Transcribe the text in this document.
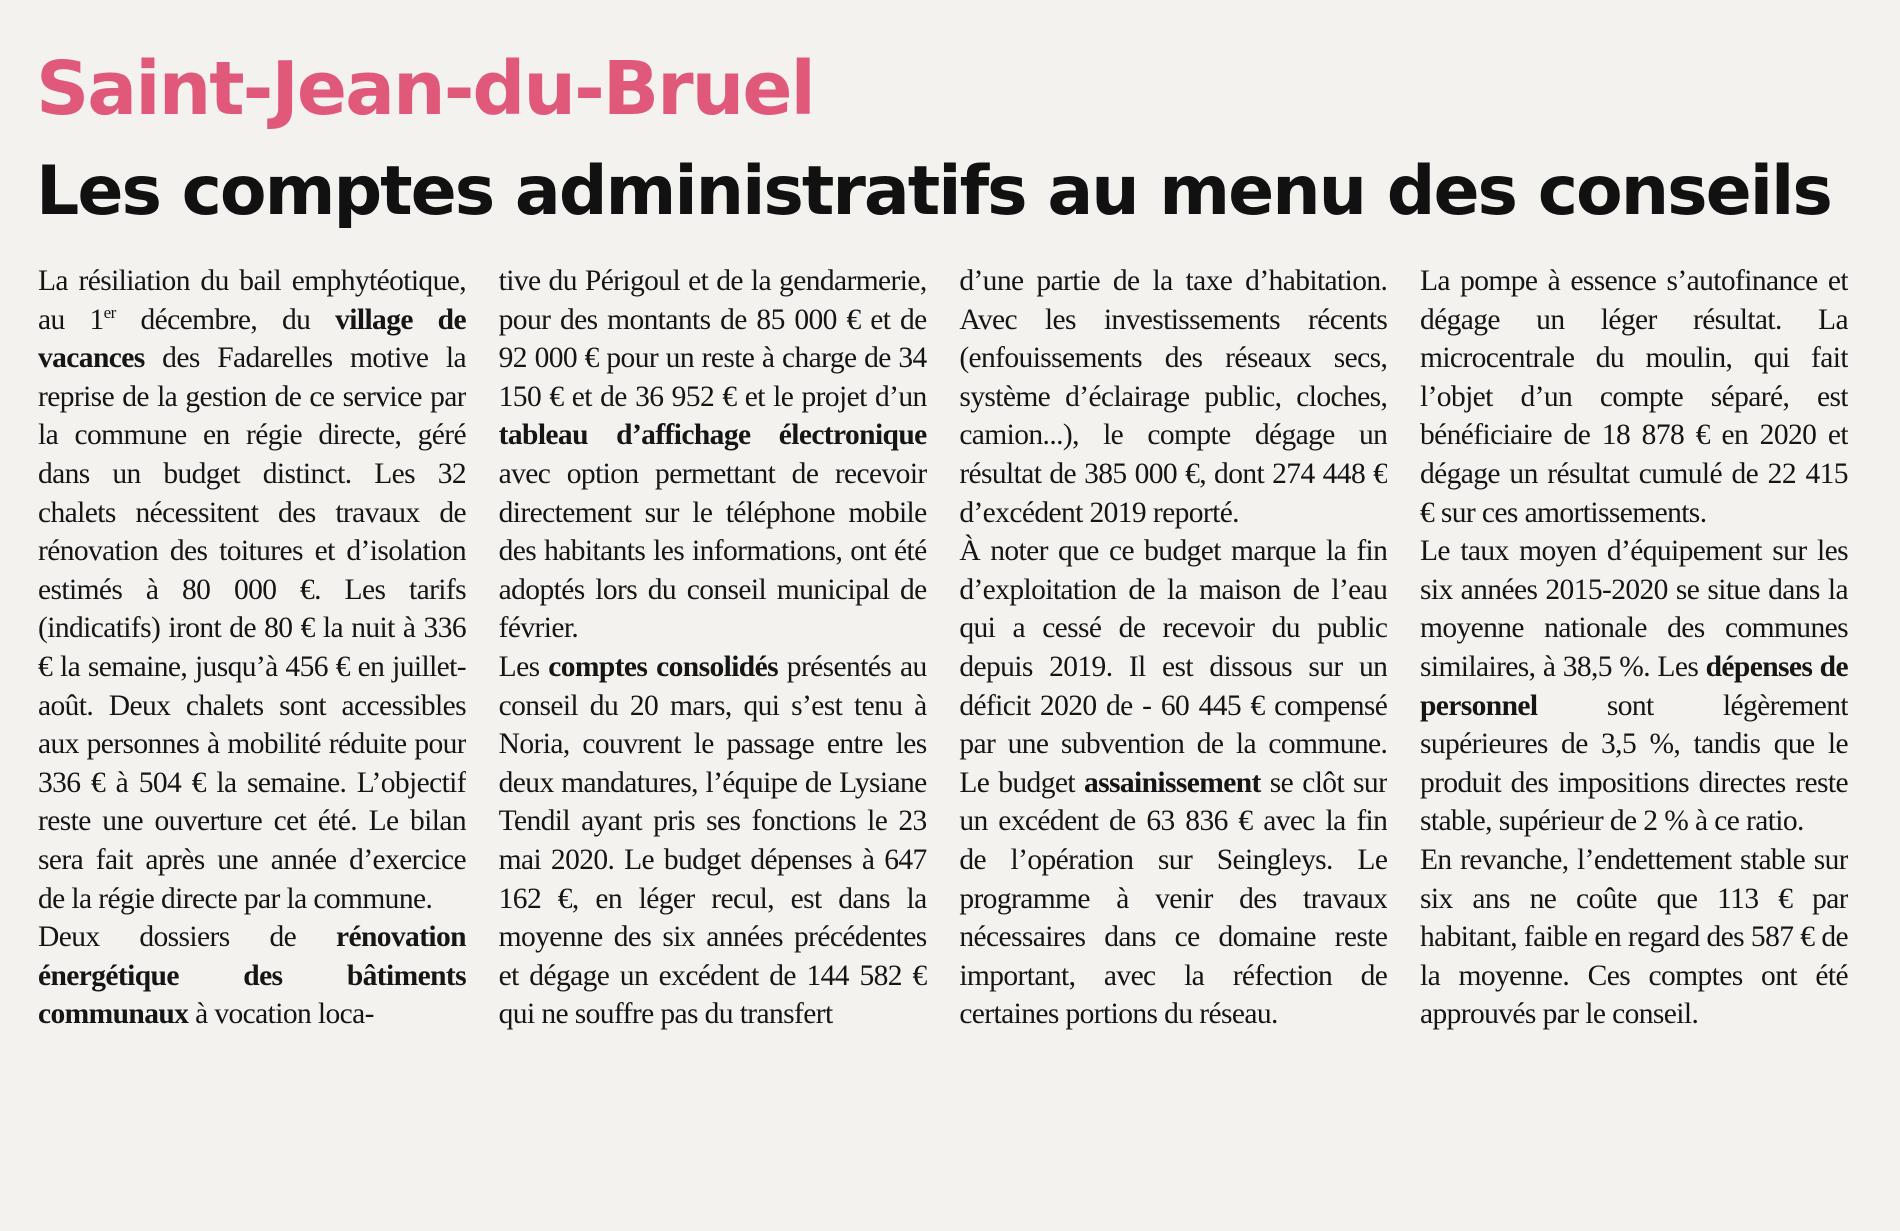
Saint-Jean-du-Bruel
Les comptes administratifs au menu des conseils

La résiliation du bail emphytéotique, au 1er décembre, du village de vacances des Fadarelles motive la reprise de la gestion de ce service par la commune en régie directe, géré dans un budget distinct. Les 32 chalets nécessitent des travaux de rénovation des toitures et d’isolation estimés à 80 000 €. Les tarifs (indicatifs) iront de 80 € la nuit à 336 € la semaine, jusqu’à 456 € en juillet-août. Deux chalets sont accessibles aux personnes à mobilité réduite pour 336 € à 504 € la semaine. L’objectif reste une ouverture cet été. Le bilan sera fait après une année d’exercice de la régie directe par la commune.

Deux dossiers de rénovation énergétique des bâtiments communaux à vocation loca-

tive du Périgoul et de la gendarmerie, pour des montants de 85 000 € et de 92 000 € pour un reste à charge de 34 150 € et de 36 952 € et le projet d’un tableau d’affichage électronique avec option permettant de recevoir directement sur le téléphone mobile des habitants les informations, ont été adoptés lors du conseil municipal de février.

Les comptes consolidés présentés au conseil du 20 mars, qui s’est tenu à Noria, couvrent le passage entre les deux mandatures, l’équipe de Lysiane Tendil ayant pris ses fonctions le 23 mai 2020. Le budget dépenses à 647 162 €, en léger recul, est dans la moyenne des six années précédentes et dégage un excédent de 144 582 € qui ne souffre pas du transfert

d’une partie de la taxe d’habitation. Avec les investissements récents (enfouissements des réseaux secs, système d’éclairage public, cloches, camion...), le compte dégage un résultat de 385 000 €, dont 274 448 € d’excédent 2019 reporté.

À noter que ce budget marque la fin d’exploitation de la maison de l’eau qui a cessé de recevoir du public depuis 2019. Il est dissous sur un déficit 2020 de - 60 445 € compensé par une subvention de la commune. Le budget assainissement se clôt sur un excédent de 63 836 € avec la fin de l’opération sur Seingleys. Le programme à venir des travaux nécessaires dans ce domaine reste important, avec la réfection de certaines portions du réseau.

La pompe à essence s’autofinance et dégage un léger résultat. La microcentrale du moulin, qui fait l’objet d’un compte séparé, est bénéficiaire de 18 878 € en 2020 et dégage un résultat cumulé de 22 415 € sur ces amortissements.

Le taux moyen d’équipement sur les six années 2015-2020 se situe dans la moyenne nationale des communes similaires, à 38,5 %. Les dépenses de personnel sont légèrement supérieures de 3,5 %, tandis que le produit des impositions directes reste stable, supérieur de 2 % à ce ratio.

En revanche, l’endettement stable sur six ans ne coûte que 113 € par habitant, faible en regard des 587 € de la moyenne. Ces comptes ont été approuvés par le conseil.
